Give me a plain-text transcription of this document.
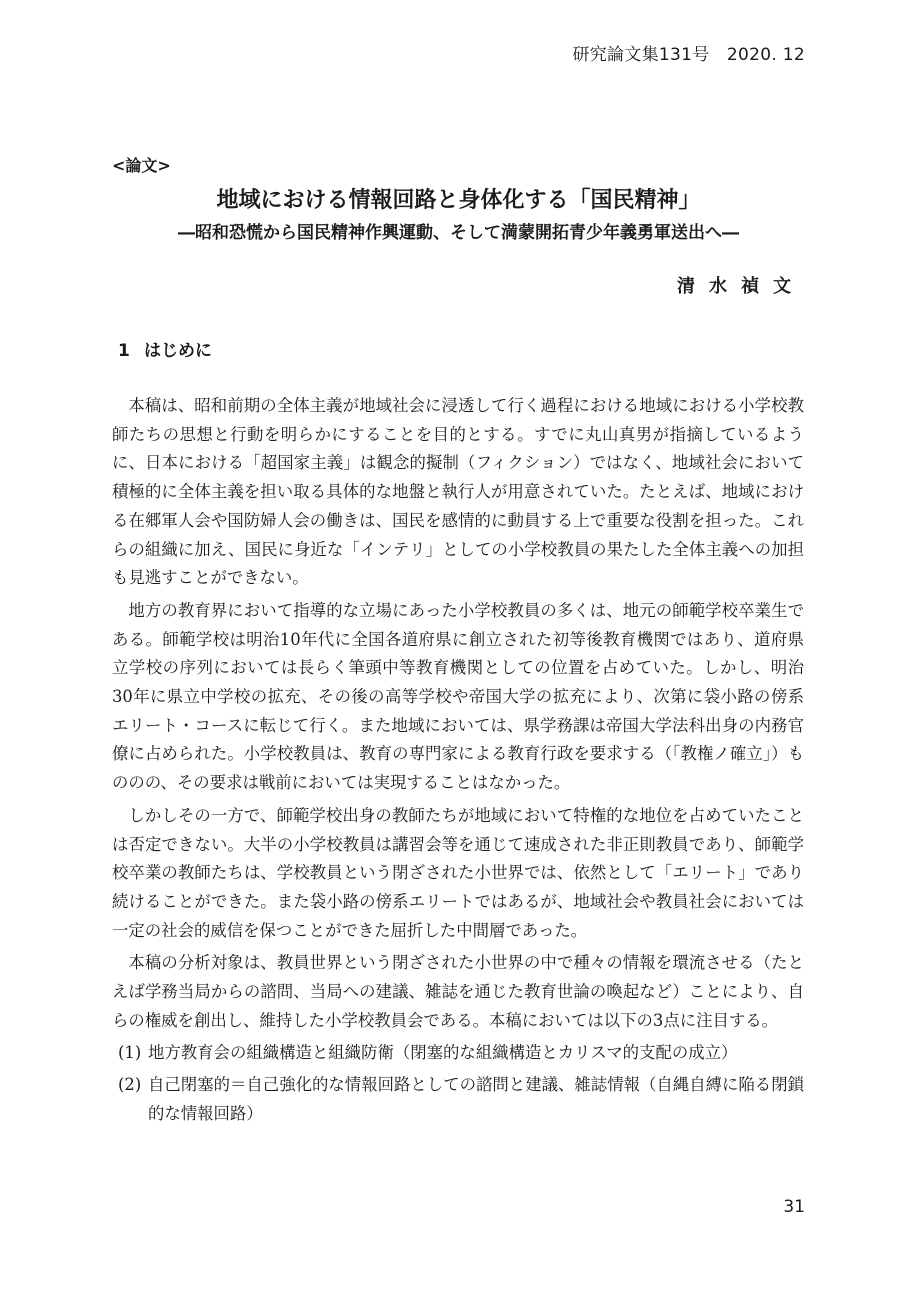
研究論文集131号　2020. 12
<論文>
地域における情報回路と身体化する「国民精神」
―昭和恐慌から国民精神作興運動、そして満蒙開拓青少年義勇軍送出へ―
清水禎文
1 はじめに

本稿は、昭和前期の全体主義が地域社会に浸透して行く過程における地域における小学校教師たちの思想と行動を明らかにすることを目的とする。すでに丸山真男が指摘しているように、日本における「超国家主義」は観念的擬制（フィクション）ではなく、地域社会において積極的に全体主義を担い取る具体的な地盤と執行人が用意されていた。たとえば、地域における在郷軍人会や国防婦人会の働きは、国民を感情的に動員する上で重要な役割を担った。これらの組織に加え、国民に身近な「インテリ」としての小学校教員の果たした全体主義への加担も見逃すことができない。

地方の教育界において指導的な立場にあった小学校教員の多くは、地元の師範学校卒業生である。師範学校は明治10年代に全国各道府県に創立された初等後教育機関ではあり、道府県立学校の序列においては長らく筆頭中等教育機関としての位置を占めていた。しかし、明治30年に県立中学校の拡充、その後の高等学校や帝国大学の拡充により、次第に袋小路の傍系エリート・コースに転じて行く。また地域においては、県学務課は帝国大学法科出身の内務官僚に占められた。小学校教員は、教育の専門家による教育行政を要求する（「教権ノ確立」）もののの、その要求は戦前においては実現することはなかった。

しかしその一方で、師範学校出身の教師たちが地域において特権的な地位を占めていたことは否定できない。大半の小学校教員は講習会等を通じて速成された非正則教員であり、師範学校卒業の教師たちは、学校教員という閉ざされた小世界では、依然として「エリート」であり続けることができた。また袋小路の傍系エリートではあるが、地域社会や教員社会においては一定の社会的威信を保つことができた屈折した中間層であった。

本稿の分析対象は、教員世界という閉ざされた小世界の中で種々の情報を環流させる（たとえば学務当局からの諮問、当局への建議、雑誌を通じた教育世論の喚起など）ことにより、自らの権威を創出し、維持した小学校教員会である。本稿においては以下の3点に注目する。

(1) 地方教育会の組織構造と組織防衛（閉塞的な組織構造とカリスマ的支配の成立）
(2) 自己閉塞的＝自己強化的な情報回路としての諮問と建議、雑誌情報（自縄自縛に陥る閉鎖的な情報回路）
31
